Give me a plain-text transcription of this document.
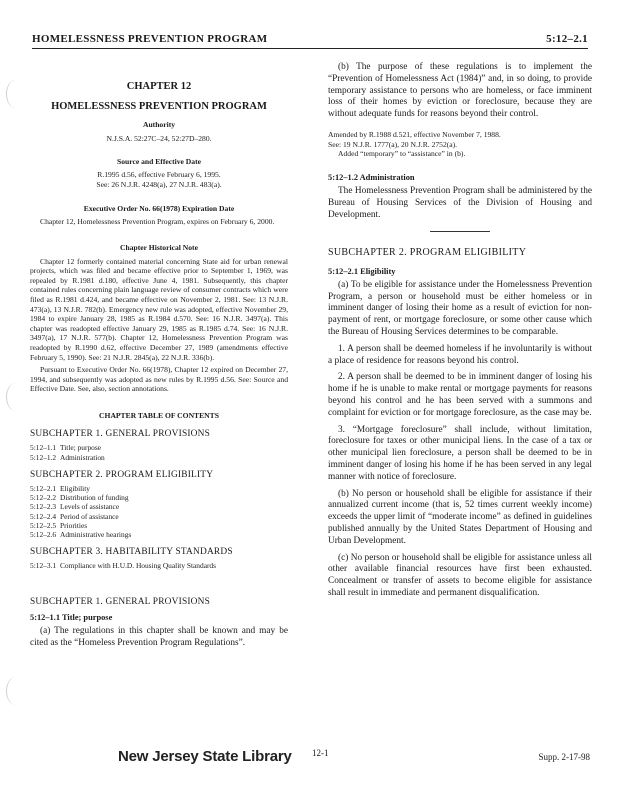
HOMELESSNESS PREVENTION PROGRAM	5:12–2.1
CHAPTER 12
HOMELESSNESS PREVENTION PROGRAM
Authority
N.J.S.A. 52:27C–24, 52:27D–280.
Source and Effective Date
R.1995 d.56, effective February 6, 1995.
See: 26 N.J.R. 4248(a), 27 N.J.R. 483(a).
Executive Order No. 66(1978) Expiration Date
Chapter 12, Homelessness Prevention Program, expires on February 6, 2000.
Chapter Historical Note
Chapter 12 formerly contained material concerning State aid for urban renewal projects, which was filed and became effective prior to September 1, 1969, was repealed by R.1981 d.180, effective June 4, 1981. Subsequently, this chapter contained rules concerning plain language review of consumer contracts which were filed as R.1981 d.424, and became effective on November 2, 1981. See: 13 N.J.R. 473(a), 13 N.J.R. 782(b). Emergency new rule was adopted, effective November 29, 1984 to expire January 28, 1985 as R.1984 d.570. See: 16 N.J.R. 3497(a). This chapter was readopted effective January 29, 1985 as R.1985 d.74. See: 16 N.J.R. 3497(a), 17 N.J.R. 577(b). Chapter 12, Homelessness Prevention Program was readopted by R.1990 d.62, effective December 27, 1989 (amendments effective February 5, 1990). See: 21 N.J.R. 2845(a), 22 N.J.R. 336(b).
Pursuant to Executive Order No. 66(1978), Chapter 12 expired on December 27, 1994, and subsequently was adopted as new rules by R.1995 d.56. See: Source and Effective Date. See, also, section annotations.
CHAPTER TABLE OF CONTENTS
SUBCHAPTER 1. GENERAL PROVISIONS
5:12–1.1 Title; purpose
5:12–1.2 Administration
SUBCHAPTER 2. PROGRAM ELIGIBILITY
5:12–2.1 Eligibility
5:12–2.2 Distribution of funding
5:12–2.3 Levels of assistance
5:12–2.4 Period of assistance
5:12–2.5 Priorities
5:12–2.6 Administrative hearings
SUBCHAPTER 3. HABITABILITY STANDARDS
5:12–3.1 Compliance with H.U.D. Housing Quality Standards
SUBCHAPTER 1. GENERAL PROVISIONS
5:12–1.1 Title; purpose
(a) The regulations in this chapter shall be known and may be cited as the “Homeless Prevention Program Regulations”.
(b) The purpose of these regulations is to implement the “Prevention of Homelessness Act (1984)” and, in so doing, to provide temporary assistance to persons who are homeless, or face imminent loss of their homes by eviction or foreclosure, because they are without adequate funds for reasons beyond their control.
Amended by R.1988 d.521, effective November 7, 1988.
See: 19 N.J.R. 1777(a), 20 N.J.R. 2752(a).
Added “temporary” to “assistance” in (b).
5:12–1.2 Administration
The Homelessness Prevention Program shall be administered by the Bureau of Housing Services of the Division of Housing and Development.
SUBCHAPTER 2. PROGRAM ELIGIBILITY
5:12–2.1 Eligibility
(a) To be eligible for assistance under the Homelessness Prevention Program, a person or household must be either homeless or in imminent danger of losing their home as a result of eviction for non-payment of rent, or mortgage foreclosure, or some other cause which the Bureau of Housing Services determines to be comparable.
1. A person shall be deemed homeless if he involuntarily is without a place of residence for reasons beyond his control.
2. A person shall be deemed to be in imminent danger of losing his home if he is unable to make rental or mortgage payments for reasons beyond his control and he has been served with a summons and complaint for eviction or for mortgage foreclosure, as the case may be.
3. “Mortgage foreclosure” shall include, without limitation, foreclosure for taxes or other municipal liens. In the case of a tax or other municipal lien foreclosure, a person shall be deemed to be in imminent danger of losing his home if he has been served in any legal manner with notice of foreclosure.
(b) No person or household shall be eligible for assistance if their annualized current income (that is, 52 times current weekly income) exceeds the upper limit of “moderate income” as defined in guidelines published annually by the United States Department of Housing and Urban Development.
(c) No person or household shall be eligible for assistance unless all other available financial resources have first been exhausted. Concealment or transfer of assets to become eligible for assistance shall result in immediate and permanent disqualification.
New Jersey State Library 12-1	Supp. 2-17-98
